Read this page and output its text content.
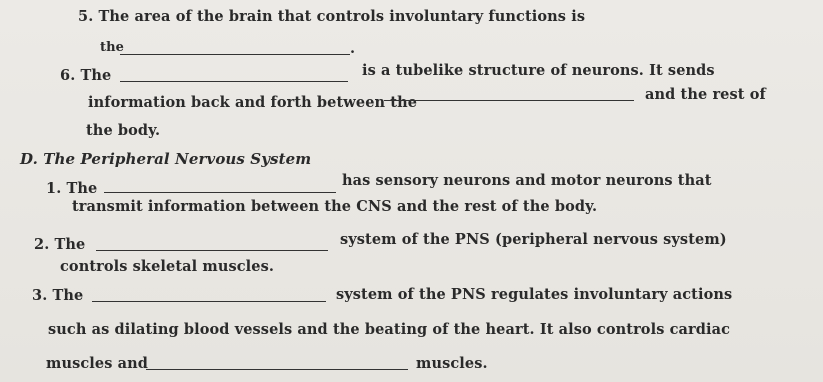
5. The area of the brain that controls involuntary functions is
the	.
6. The	is a tubelike structure of neurons. It sends
information back and forth between the	and the rest of
the body.
D. The Peripheral Nervous System
1. The	has sensory neurons and motor neurons that
transmit information between the CNS and the rest of the body.
2. The	system of the PNS (peripheral nervous system)
controls skeletal muscles.
3. The	system of the PNS regulates involuntary actions
such as dilating blood vessels and the beating of the heart. It also controls cardiac
muscles and	muscles.
